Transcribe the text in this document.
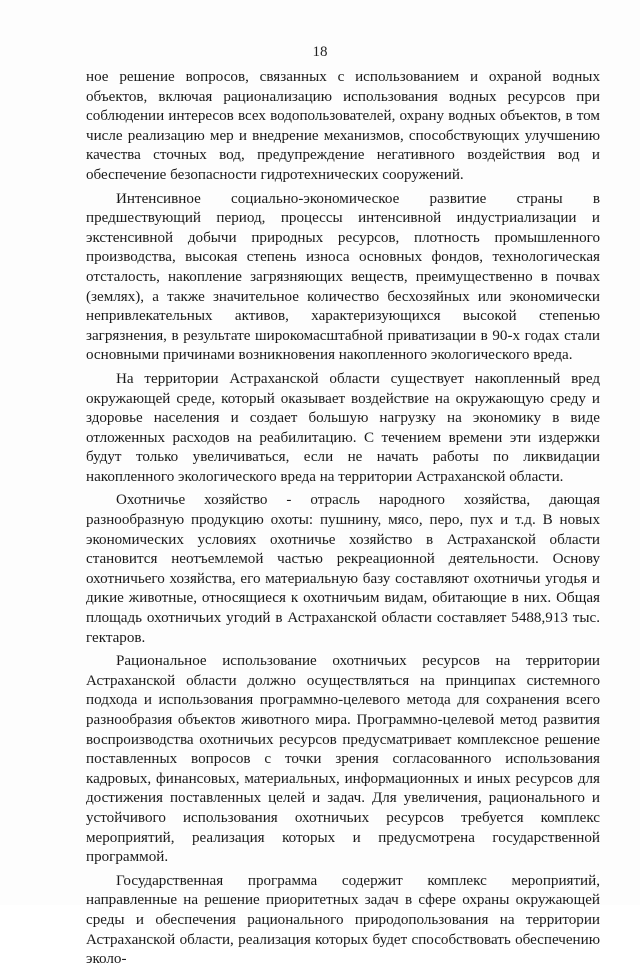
18

ное решение вопросов, связанных с использованием и охраной водных объектов, включая рационализацию использования водных ресурсов при соблюдении интересов всех водопользователей, охрану водных объектов, в том числе реализацию мер и внедрение механизмов, способствующих улучшению качества сточных вод, предупреждение негативного воздействия вод и обеспечение безопасности гидротехнических сооружений.

Интенсивное социально-экономическое развитие страны в предшествующий период, процессы интенсивной индустриализации и экстенсивной добычи природных ресурсов, плотность промышленного производства, высокая степень износа основных фондов, технологическая отсталость, накопление загрязняющих веществ, преимущественно в почвах (землях), а также значительное количество бесхозяйных или экономически непривлекательных активов, характеризующихся высокой степенью загрязнения, в результате широкомасштабной приватизации в 90-х годах стали основными причинами возникновения накопленного экологического вреда.

На территории Астраханской области существует накопленный вред окружающей среде, который оказывает воздействие на окружающую среду и здоровье населения и создает большую нагрузку на экономику в виде отложенных расходов на реабилитацию. С течением времени эти издержки будут только увеличиваться, если не начать работы по ликвидации накопленного экологического вреда на территории Астраханской области.

Охотничье хозяйство - отрасль народного хозяйства, дающая разнообразную продукцию охоты: пушнину, мясо, перо, пух и т.д. В новых экономических условиях охотничье хозяйство в Астраханской области становится неотъемлемой частью рекреационной деятельности. Основу охотничьего хозяйства, его материальную базу составляют охотничьи угодья и дикие животные, относящиеся к охотничьим видам, обитающие в них. Общая площадь охотничьих угодий в Астраханской области составляет 5488,913 тыс. гектаров.

Рациональное использование охотничьих ресурсов на территории Астраханской области должно осуществляться на принципах системного подхода и использования программно-целевого метода для сохранения всего разнообразия объектов животного мира. Программно-целевой метод развития воспроизводства охотничьих ресурсов предусматривает комплексное решение поставленных вопросов с точки зрения согласованного использования кадровых, финансовых, материальных, информационных и иных ресурсов для достижения поставленных целей и задач. Для увеличения, рационального и устойчивого использования охотничьих ресурсов требуется комплекс мероприятий, реализация которых и предусмотрена государственной программой.

Государственная программа содержит комплекс мероприятий, направленные на решение приоритетных задач в сфере охраны окружающей среды и обеспечения рационального природопользования на территории Астраханской области, реализация которых будет способствовать обеспечению эколо-
